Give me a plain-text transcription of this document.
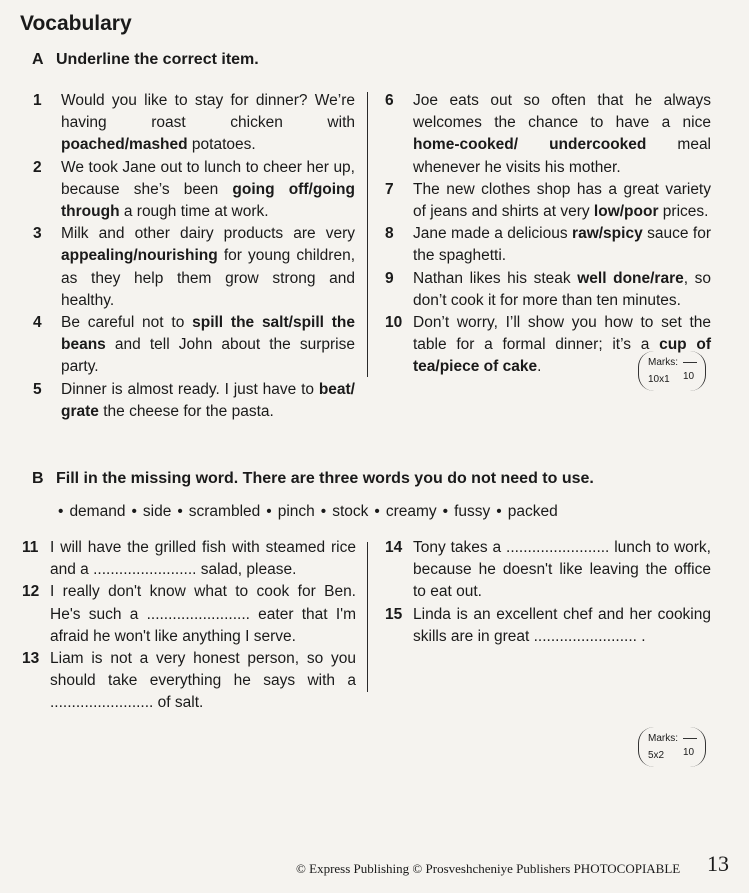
Vocabulary
A Underline the correct item.
1 Would you like to stay for dinner? We’re having roast chicken with poached/mashed potatoes.
2 We took Jane out to lunch to cheer her up, because she’s been going off/going through a rough time at work.
3 Milk and other dairy products are very appealing/nourishing for young children, as they help them grow strong and healthy.
4 Be careful not to spill the salt/spill the beans and tell John about the surprise party.
5 Dinner is almost ready. I just have to beat/ grate the cheese for the pasta.
6 Joe eats out so often that he always welcomes the chance to have a nice home-cooked/ undercooked meal whenever he visits his mother.
7 The new clothes shop has a great variety of jeans and shirts at very low/poor prices.
8 Jane made a delicious raw/spicy sauce for the spaghetti.
9 Nathan likes his steak well done/rare, so don’t cook it for more than ten minutes.
10 Don’t worry, I’ll show you how to set the table for a formal dinner; it’s a cup of tea/piece of cake.	Marks:
10x1 10
B Fill in the missing word. There are three words you do not need to use.
• demand • side • scrambled • pinch • stock • creamy • fussy • packed
11 I will have the grilled fish with steamed rice and a ........................ salad, please.
12 I really don't know what to cook for Ben. He's such a ........................ eater that I'm afraid he won't like anything I serve.
13 Liam is not a very honest person, so you should take everything he says with a ........................ of salt.
14 Tony takes a ........................ lunch to work, because he doesn't like leaving the office to eat out.
15 Linda is an excellent chef and her cooking skills are in great ........................ .
Marks:
5x2 10
© Express Publishing © Prosveshcheniye Publishers PHOTOCOPIABLE 13
